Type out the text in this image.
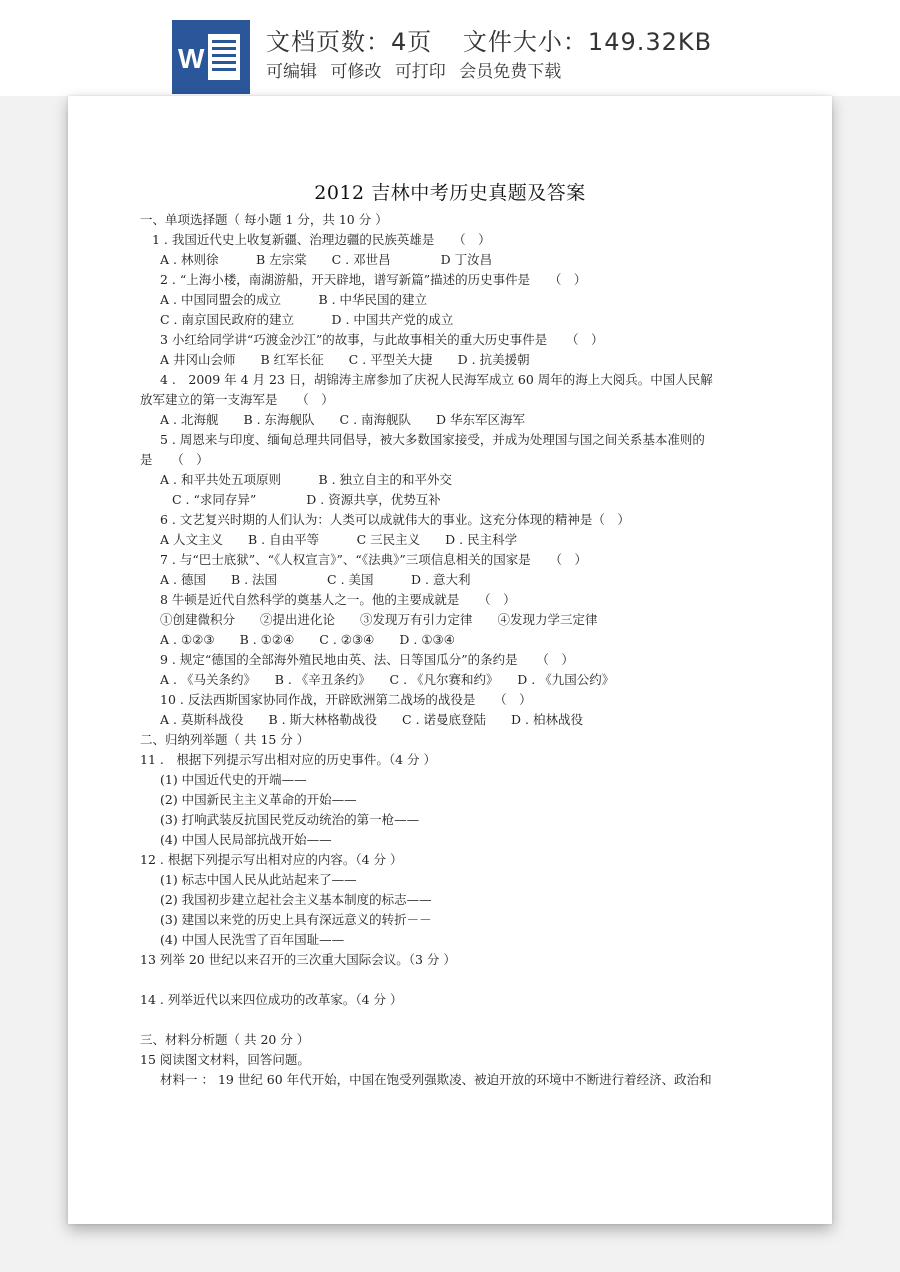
W
文档页数：4页 文件大小：149.32KB
可编辑 可修改 可打印 会员免费下载
2012 吉林中考历史真题及答案
一、单项选择题（ 每小题 1 分，共 10 分 ）
1 . 我国近代史上收复新疆、治理边疆的民族英雄是　　（　）
A . 林则徐　　　B 左宗棠　　C . 邓世昌　　　　D 丁汝昌
2 . “上海小楼，南湖游船，开天辟地，谱写新篇”描述的历史事件是　　（　）
A . 中国同盟会的成立　　　B . 中华民国的建立
C . 南京国民政府的建立　　　D . 中国共产党的成立
3 小红给同学讲“巧渡金沙江”的故事，与此故事相关的重大历史事件是　　（　）
A 井冈山会师　　B 红军长征　　C . 平型关大捷　　D . 抗美援朝
4 .　2009 年 4 月 23 日，胡锦涛主席参加了庆祝人民海军成立 60 周年的海上大阅兵。中国人民解
放军建立的第一支海军是　　（　）
A . 北海舰　　B . 东海舰队　　C . 南海舰队　　D 华东军区海军
5 . 周恩来与印度、缅甸总理共同倡导，被大多数国家接受，并成为处理国与国之间关系基本准则的
是　　（　）
A . 和平共处五项原则　　　B . 独立自主的和平外交
C . “求同存异”　　　　D . 资源共享，优势互补
6 . 文艺复兴时期的人们认为：人类可以成就伟大的事业。这充分体现的精神是（　）
A 人文主义　　B . 自由平等　　　C 三民主义　　D . 民主科学
7 . 与“巴士底狱”、“《人权宣言》”、“《法典》”三项信息相关的国家是　　（　）
A . 德国　　B . 法国　　　　C . 美国　　　D . 意大利
8 牛顿是近代自然科学的奠基人之一。他的主要成就是　　（　）
①创建微积分　　②提出进化论　　③发现万有引力定律　　④发现力学三定律
A . ①②③　　B . ①②④　　C . ②③④　　D . ①③④
9 . 规定“德国的全部海外殖民地由英、法、日等国瓜分”的条约是　　（　）
A . 《马关条约》　　B . 《辛丑条约》　　C . 《凡尔赛和约》　　D . 《九国公约》
10 . 反法西斯国家协同作战，开辟欧洲第二战场的战役是　　（　）
A . 莫斯科战役　　B . 斯大林格勒战役　　C . 诺曼底登陆　　D . 柏林战役
二、归纳列举题（ 共 15 分 ）
11 .　根据下列提示写出相对应的历史事件。（4 分 ）
(1) 中国近代史的开端——
(2) 中国新民主主义革命的开始——
(3) 打响武装反抗国民党反动统治的第一枪——
(4) 中国人民局部抗战开始——
12 . 根据下列提示写出相对应的内容。（4 分 ）
(1) 标志中国人民从此站起来了——
(2) 我国初步建立起社会主义基本制度的标志——
(3) 建国以来党的历史上具有深远意义的转折－－
(4) 中国人民洗雪了百年国耻——
13 列举 20 世纪以来召开的三次重大国际会议。（3 分 ）
14 . 列举近代以来四位成功的改革家。（4 分 ）
三、材料分析题（ 共 20 分 ）
15 阅读图文材料，回答问题。
材料一 ： 19 世纪 60 年代开始，中国在饱受列强欺凌、被迫开放的环境中不断进行着经济、政治和
